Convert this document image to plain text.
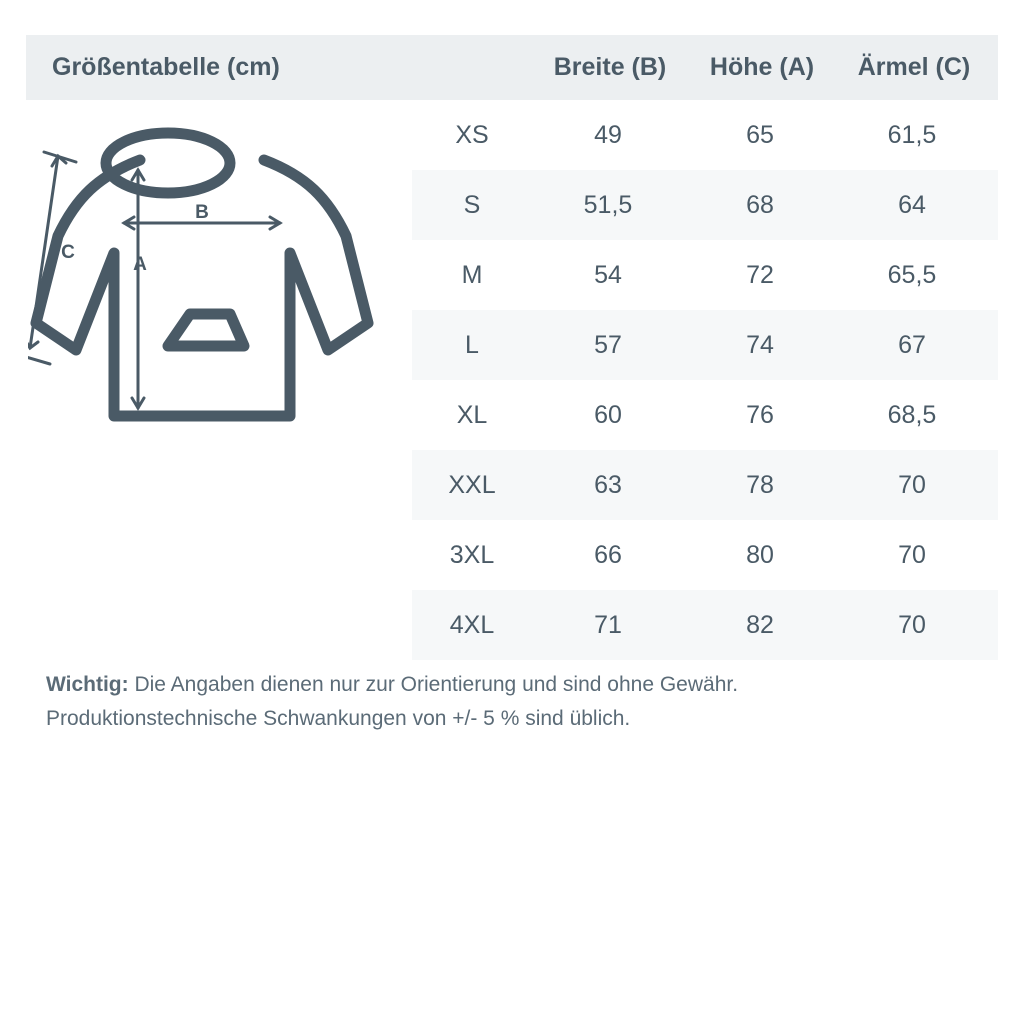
Größentabelle (cm)	Breite (B)	Höhe (A)	Ärmel (C)
XS	49	65	61,5
S	51,5	68	64
M	54	72	65,5
L	57	74	67
XL	60	76	68,5
XXL	63	78	70
3XL	66	80	70
4XL	71	82	70
B
A
C
Wichtig: Die Angaben dienen nur zur Orientierung und sind ohne Gewähr.
Produktionstechnische Schwankungen von +/- 5 % sind üblich.
